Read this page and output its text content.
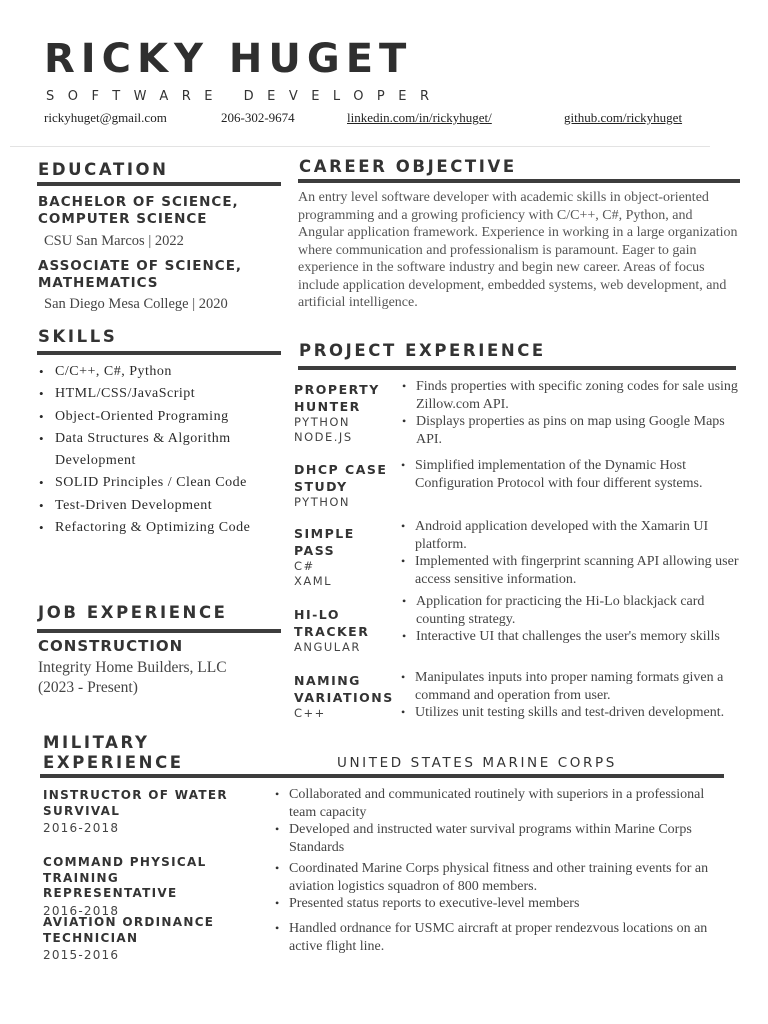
RICKY HUGET
SOFTWARE DEVELOPER
rickyhuget@gmail.com	206-302-9674	linkedin.com/in/rickyhuget/	github.com/rickyhuget
EDUCATION
BACHELOR OF SCIENCE, COMPUTER SCIENCE
CSU San Marcos | 2022
ASSOCIATE OF SCIENCE, MATHEMATICS
San Diego Mesa College | 2020
SKILLS
• C/C++, C#, Python
• HTML/CSS/JavaScript
• Object-Oriented Programing
• Data Structures & Algorithm Development
• SOLID Principles / Clean Code
• Test-Driven Development
• Refactoring & Optimizing Code
JOB EXPERIENCE
CONSTRUCTION
Integrity Home Builders, LLC
(2023 - Present)
CAREER OBJECTIVE
An entry level software developer with academic skills in object-oriented programming and a growing proficiency with C/C++, C#, Python, and Angular application framework. Experience in working in a large organization where communication and professionalism is paramount. Eager to gain experience in the software industry and begin new career. Areas of focus include application development, embedded systems, web development, and artificial intelligence.
PROJECT EXPERIENCE
PROPERTY HUNTER
PYTHON
NODE.JS
• Finds properties with specific zoning codes for sale using Zillow.com API.
• Displays properties as pins on map using Google Maps API.
DHCP CASE STUDY
PYTHON
• Simplified implementation of the Dynamic Host Configuration Protocol with four different systems.
SIMPLE PASS
C#
XAML
• Android application developed with the Xamarin UI platform.
• Implemented with fingerprint scanning API allowing user access sensitive information.
HI-LO TRACKER
ANGULAR
• Application for practicing the Hi-Lo blackjack card counting strategy.
• Interactive UI that challenges the user's memory skills
NAMING VARIATIONS
C++
• Manipulates inputs into proper naming formats given a command and operation from user.
• Utilizes unit testing skills and test-driven development.
MILITARY EXPERIENCE	UNITED STATES MARINE CORPS
INSTRUCTOR OF WATER SURVIVAL
2016-2018
• Collaborated and communicated routinely with superiors in a professional team capacity
• Developed and instructed water survival programs within Marine Corps Standards
COMMAND PHYSICAL TRAINING REPRESENTATIVE
2016-2018
• Coordinated Marine Corps physical fitness and other training events for an aviation logistics squadron of 800 members.
• Presented status reports to executive-level members
AVIATION ORDINANCE TECHNICIAN
2015-2016
• Handled ordnance for USMC aircraft at proper rendezvous locations on an active flight line.
